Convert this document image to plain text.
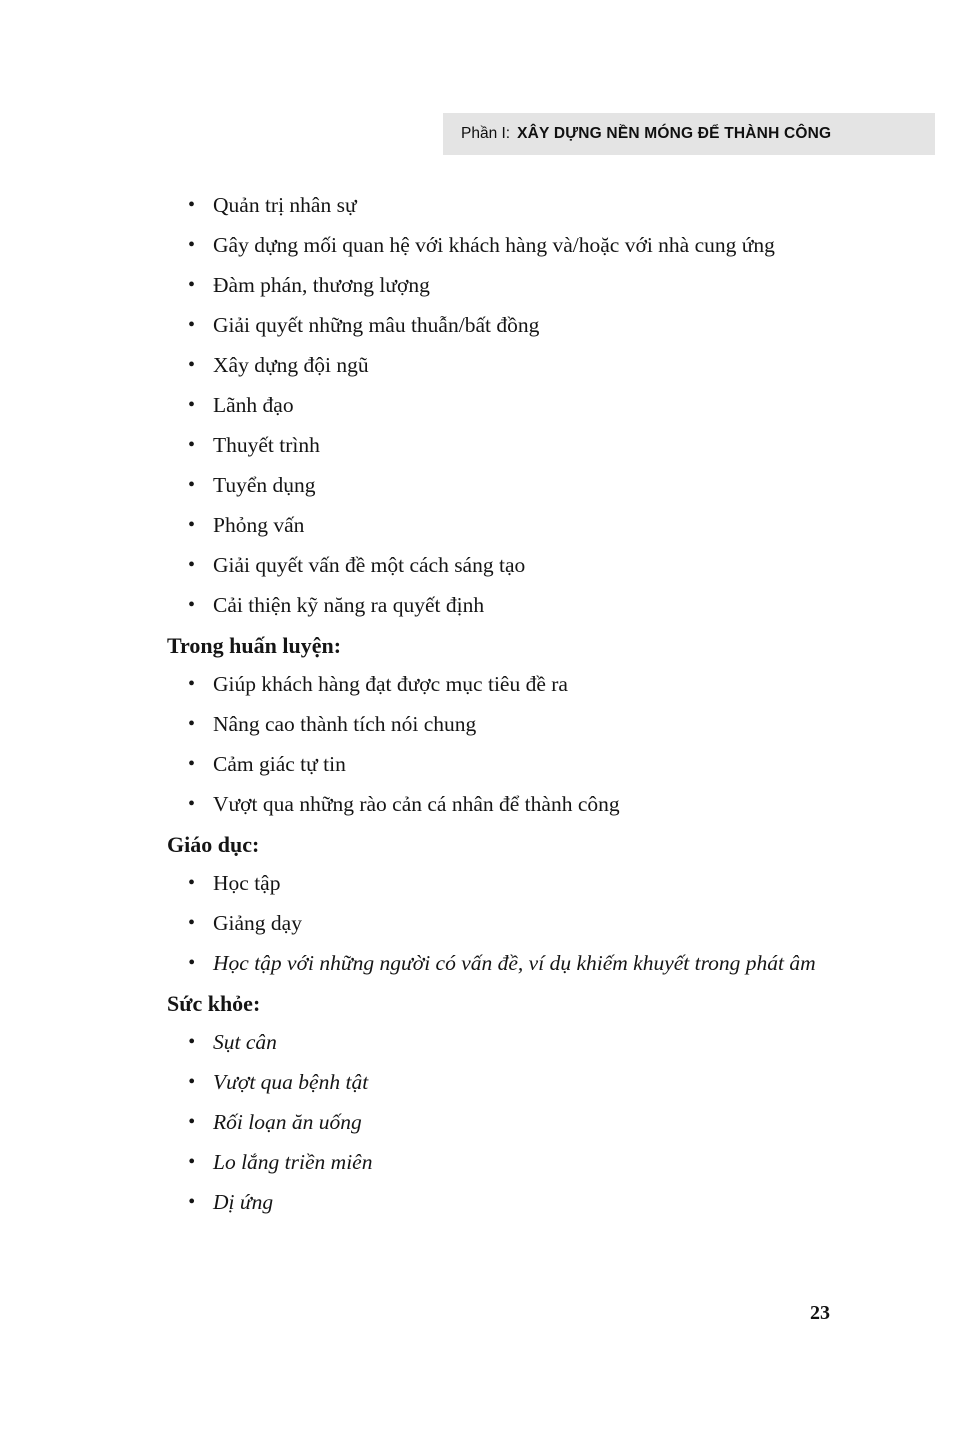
Phần I: XÂY DỰNG NỀN MÓNG ĐỂ THÀNH CÔNG
• Quản trị nhân sự
• Gây dựng mối quan hệ với khách hàng và/hoặc với nhà cung ứng
• Đàm phán, thương lượng
• Giải quyết những mâu thuẫn/bất đồng
• Xây dựng đội ngũ
• Lãnh đạo
• Thuyết trình
• Tuyển dụng
• Phỏng vấn
• Giải quyết vấn đề một cách sáng tạo
• Cải thiện kỹ năng ra quyết định
Trong huấn luyện:
• Giúp khách hàng đạt được mục tiêu đề ra
• Nâng cao thành tích nói chung
• Cảm giác tự tin
• Vượt qua những rào cản cá nhân để thành công
Giáo dục:
• Học tập
• Giảng dạy
• Học tập với những người có vấn đề, ví dụ khiếm khuyết trong phát âm
Sức khỏe:
• Sụt cân
• Vượt qua bệnh tật
• Rối loạn ăn uống
• Lo lắng triền miên
• Dị ứng
23
